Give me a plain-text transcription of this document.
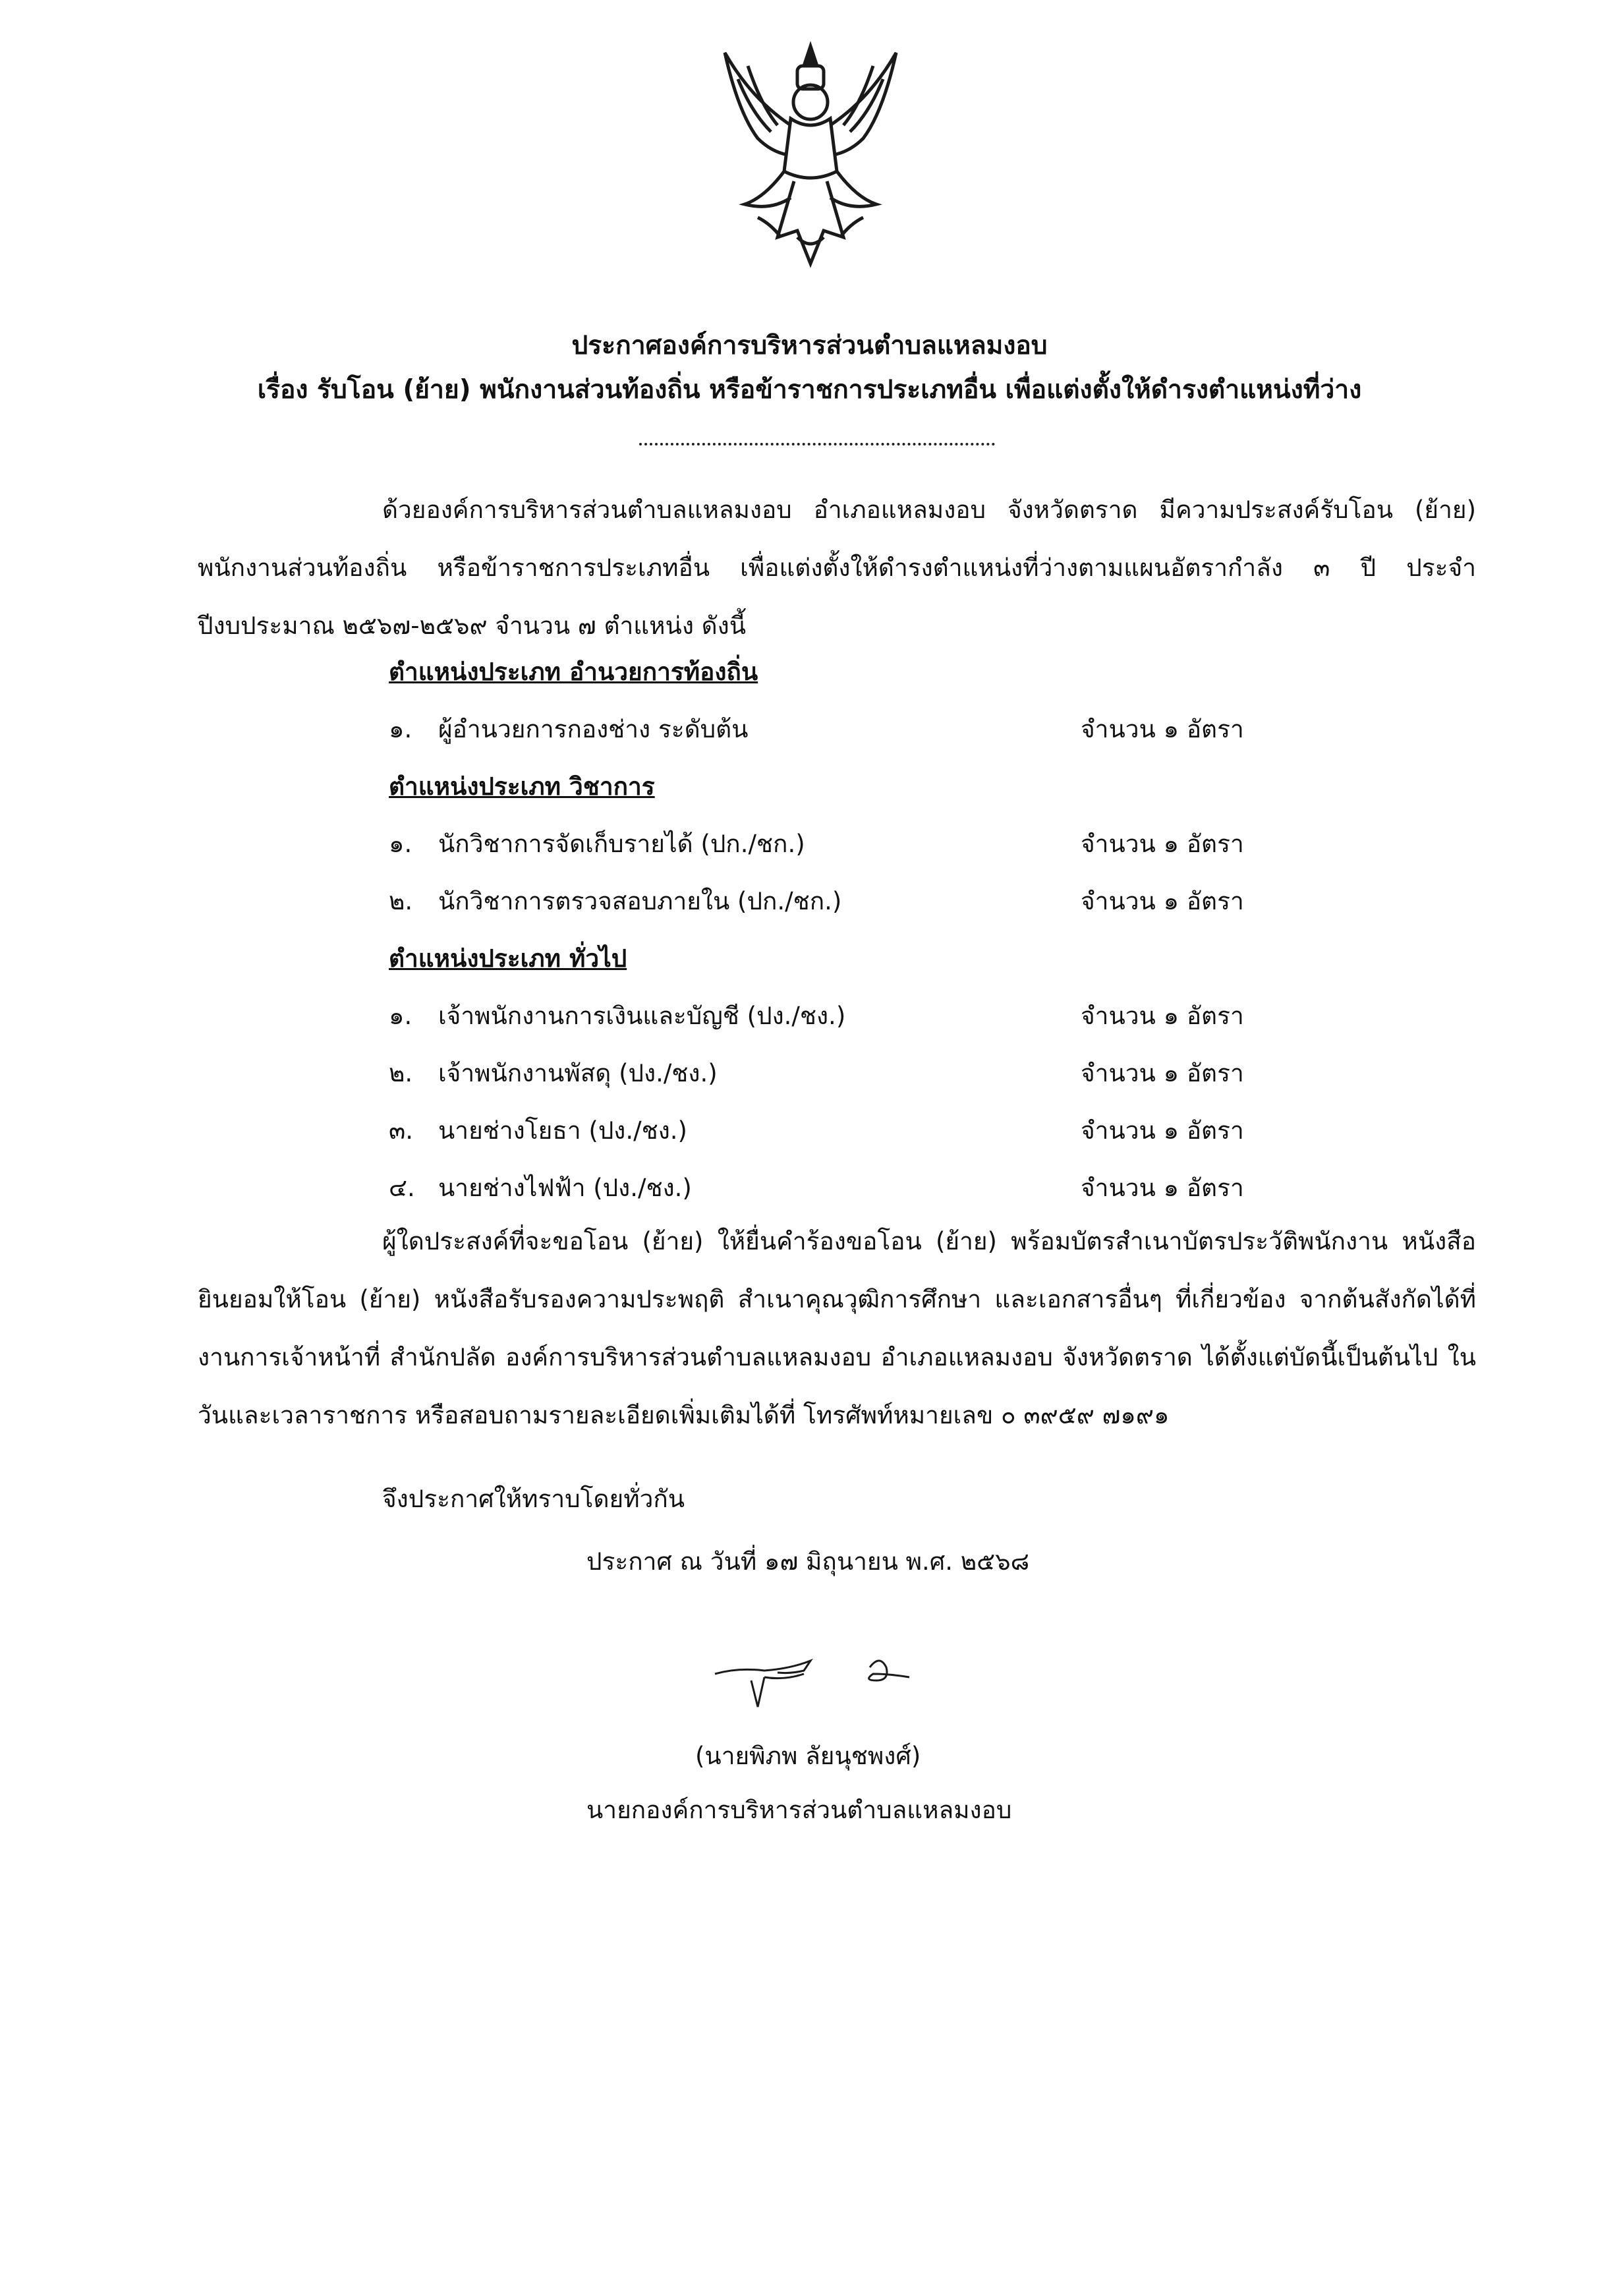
ประกาศองค์การบริหารส่วนตำบลแหลมงอบ
เรื่อง รับโอน (ย้าย) พนักงานส่วนท้องถิ่น หรือข้าราชการประเภทอื่น เพื่อแต่งตั้งให้ดำรงตำแหน่งที่ว่าง
ด้วยองค์การบริหารส่วนตำบลแหลมงอบ อำเภอแหลมงอบ จังหวัดตราด มีความประสงค์รับโอน (ย้าย) พนักงานส่วนท้องถิ่น หรือข้าราชการประเภทอื่น เพื่อแต่งตั้งให้ดำรงตำแหน่งที่ว่างตามแผนอัตรากำลัง ๓ ปี ประจำปีงบประมาณ ๒๕๖๗-๒๕๖๙ จำนวน ๗ ตำแหน่ง ดังนี้
ตำแหน่งประเภท อำนวยการท้องถิ่น
๑. ผู้อำนวยการกองช่าง ระดับต้น	จำนวน ๑ อัตรา
ตำแหน่งประเภท วิชาการ
๑. นักวิชาการจัดเก็บรายได้ (ปก./ชก.)	จำนวน ๑ อัตรา
๒. นักวิชาการตรวจสอบภายใน (ปก./ชก.)	จำนวน ๑ อัตรา
ตำแหน่งประเภท ทั่วไป
๑. เจ้าพนักงานการเงินและบัญชี (ปง./ชง.)	จำนวน ๑ อัตรา
๒. เจ้าพนักงานพัสดุ (ปง./ชง.)	จำนวน ๑ อัตรา
๓. นายช่างโยธา (ปง./ชง.)	จำนวน ๑ อัตรา
๔. นายช่างไฟฟ้า (ปง./ชง.)	จำนวน ๑ อัตรา
ผู้ใดประสงค์ที่จะขอโอน (ย้าย) ให้ยื่นคำร้องขอโอน (ย้าย) พร้อมบัตรสำเนาบัตรประวัติพนักงาน หนังสือยินยอมให้โอน (ย้าย) หนังสือรับรองความประพฤติ สำเนาคุณวุฒิการศึกษา และเอกสารอื่นๆ ที่เกี่ยวข้อง จากต้นสังกัดได้ที่ งานการเจ้าหน้าที่ สำนักปลัด องค์การบริหารส่วนตำบลแหลมงอบ อำเภอแหลมงอบ จังหวัดตราด ได้ตั้งแต่บัดนี้เป็นต้นไป ในวันและเวลาราชการ หรือสอบถามรายละเอียดเพิ่มเติมได้ที่ โทรศัพท์หมายเลข ๐ ๓๙๕๙ ๗๑๙๑
จึงประกาศให้ทราบโดยทั่วกัน
ประกาศ ณ วันที่ ๑๗ มิถุนายน พ.ศ. ๒๕๖๘
(นายพิภพ ลัยนุชพงศ์)
นายกองค์การบริหารส่วนตำบลแหลมงอบ
